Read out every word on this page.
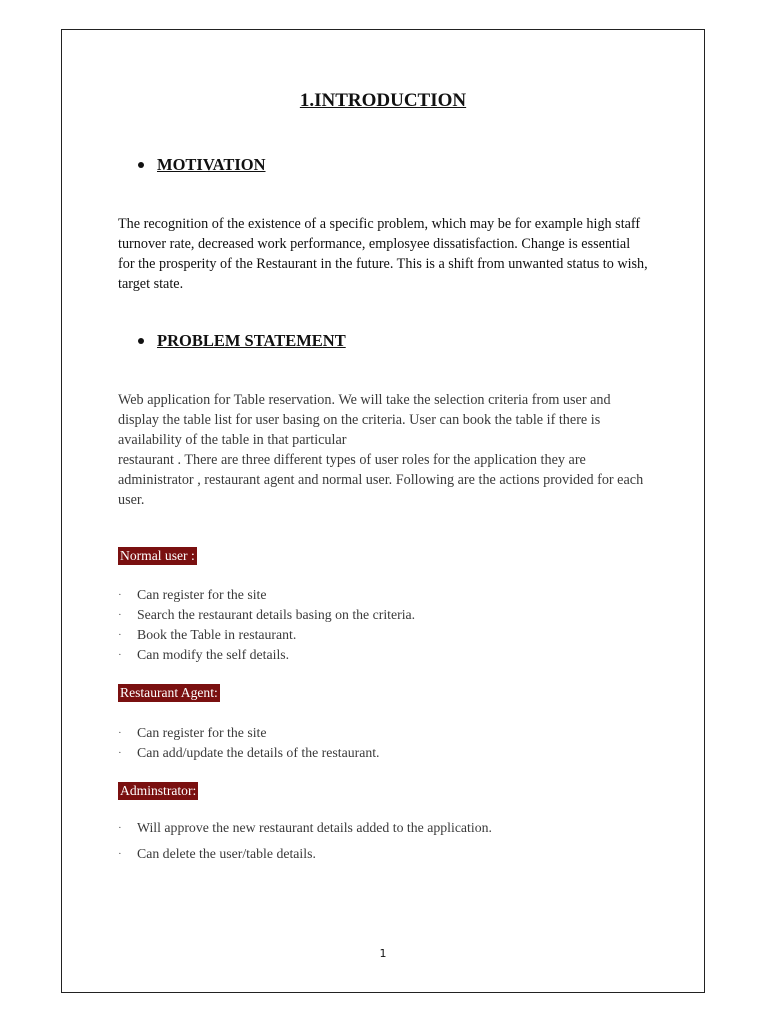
1.INTRODUCTION
MOTIVATION
The recognition of the existence of a specific problem, which may be for example high staff turnover rate, decreased work performance, emplosyee dissatisfaction. Change is essential for the prosperity of the Restaurant in the future. This is a shift from unwanted status to wish, target state.
PROBLEM STATEMENT

Web application for Table reservation. We will take the selection criteria from user and display the table list for user basing on the criteria. User can book the table if there is availability of the table in that particular

restaurant . There are three different types of user roles for the application they are administrator , restaurant agent and normal user. Following are the actions provided for each user.

Normal user :
·	Can register for the site
·	Search the restaurant details basing on the criteria.
·	Book the Table in restaurant.
·	Can modify the self details.
Restaurant Agent:
·	Can register for the site
·	Can add/update the details of the restaurant.
Adminstrator:
·	Will approve the new restaurant details added to the application.
·	Can delete the user/table details.
1
